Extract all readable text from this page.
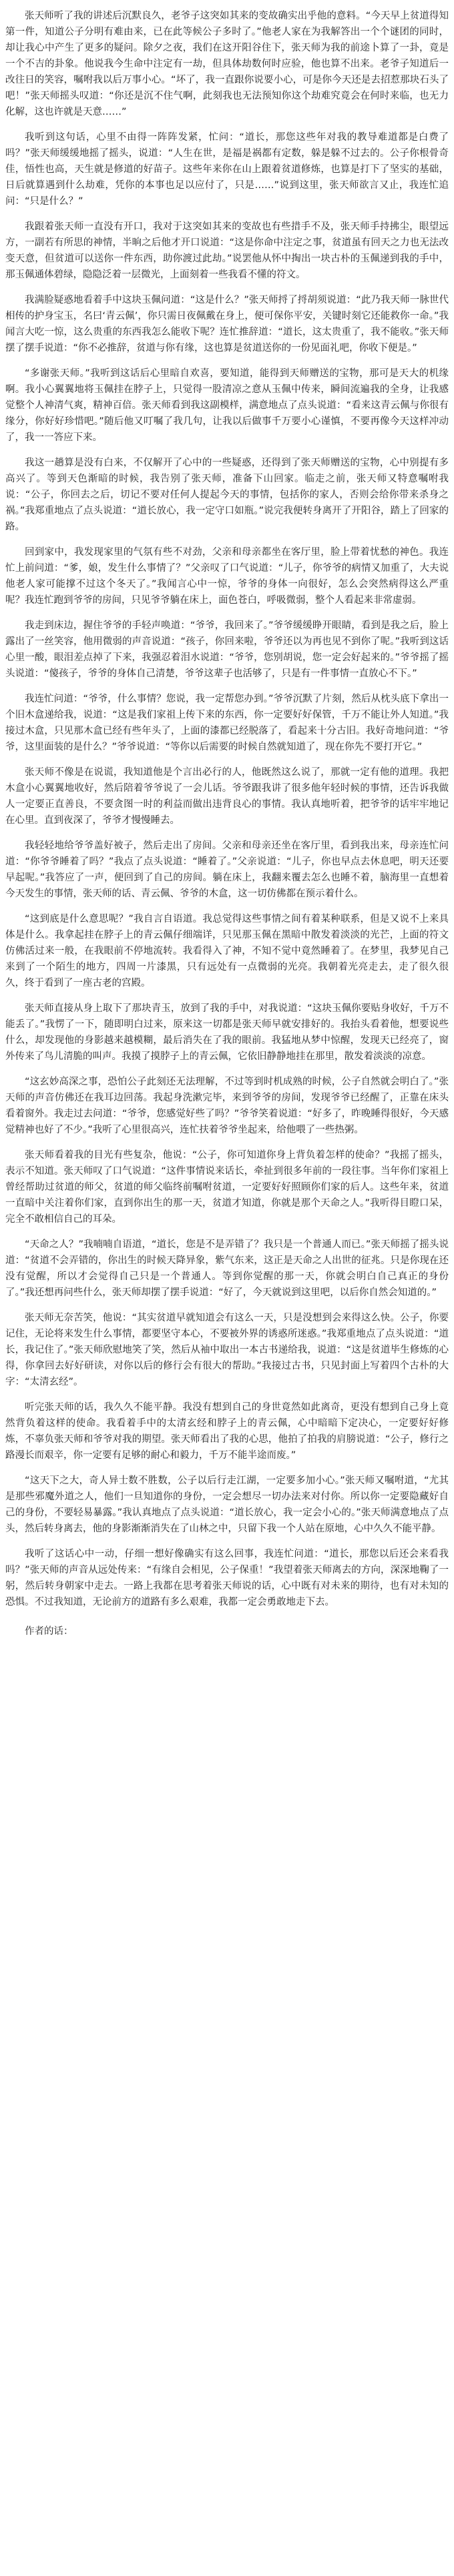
张天师听了我的讲述后沉默良久，老爷子这突如其来的变故确实出乎他的意料。“今天早上贫道得知第一件，知道公子分明有难由来，已在此等候公子多时了。”他老人家在为我解答出一个个谜团的同时，却让我心中产生了更多的疑问。除夕之夜，我们在这开阳谷住下，张天师为我的前途卜算了一卦，竟是一个不吉的卦象。他说我今生命中注定有一劫，但具体劫数何时应验，他也算不出来。老爷子知道后一改往日的笑容，嘱咐我以后万事小心。“坏了，我一直跟你说要小心，可是你今天还是去招惹那块石头了吧！”张天师摇头叹道：“你还是沉不住气啊，此刻我也无法预知你这个劫难究竟会在何时来临，也无力化解，这也许就是天意……”

我听到这句话，心里不由得一阵阵发紧，忙问：“道长，那您这些年对我的教导难道都是白费了吗？”张天师缓缓地摇了摇头，说道：“人生在世，是福是祸都有定数，躲是躲不过去的。公子你根骨奇佳，悟性也高，天生就是修道的好苗子。这些年来你在山上跟着贫道修炼，也算是打下了坚实的基础，日后就算遇到什么劫难，凭你的本事也足以应付了，只是……”说到这里，张天师欲言又止，我连忙追问：“只是什么？”

我跟着张天师一直没有开口，我对于这突如其来的变故也有些措手不及，张天师手持拂尘，眼望远方，一副若有所思的神情，半晌之后他才开口说道：“这是你命中注定之事，贫道虽有回天之力也无法改变天意，但贫道可以送你一件东西，助你渡过此劫。”说罢他从怀中掏出一块古朴的玉佩递到我的手中，那玉佩通体碧绿，隐隐泛着一层微光，上面刻着一些我看不懂的符文。

我满脸疑惑地看着手中这块玉佩问道：“这是什么？”张天师捋了捋胡须说道：“此乃我天师一脉世代相传的护身宝玉，名曰‘青云佩’，你只需日夜佩戴在身上，便可保你平安，关键时刻它还能救你一命。”我闻言大吃一惊，这么贵重的东西我怎么能收下呢？连忙推辞道：“道长，这太贵重了，我不能收。”张天师摆了摆手说道：“你不必推辞，贫道与你有缘，这也算是贫道送你的一份见面礼吧，你收下便是。”

“多谢张天师。”我听到这话后心里暗自欢喜，要知道，能得到天师赠送的宝物，那可是天大的机缘啊。我小心翼翼地将玉佩挂在脖子上，只觉得一股清凉之意从玉佩中传来，瞬间流遍我的全身，让我感觉整个人神清气爽，精神百倍。张天师看到我这副模样，满意地点了点头说道：“看来这青云佩与你很有缘分，你好好珍惜吧。”随后他又叮嘱了我几句，让我以后做事千万要小心谨慎，不要再像今天这样冲动了，我一一答应下来。

我这一趟算是没有白来，不仅解开了心中的一些疑惑，还得到了张天师赠送的宝物，心中别提有多高兴了。等到天色渐暗的时候，我告别了张天师，准备下山回家。临走之前，张天师又特意嘱咐我说：“公子，你回去之后，切记不要对任何人提起今天的事情，包括你的家人，否则会给你带来杀身之祸。”我郑重地点了点头说道：“道长放心，我一定守口如瓶。”说完我便转身离开了开阳谷，踏上了回家的路。

回到家中，我发现家里的气氛有些不对劲，父亲和母亲都坐在客厅里，脸上带着忧愁的神色。我连忙上前问道：“爹，娘，发生什么事情了？”父亲叹了口气说道：“儿子，你爷爷的病情又加重了，大夫说他老人家可能撑不过这个冬天了。”我闻言心中一惊，爷爷的身体一向很好，怎么会突然病得这么严重呢？我连忙跑到爷爷的房间，只见爷爷躺在床上，面色苍白，呼吸微弱，整个人看起来非常虚弱。

我走到床边，握住爷爷的手轻声唤道：“爷爷，我回来了。”爷爷缓缓睁开眼睛，看到是我之后，脸上露出了一丝笑容，他用微弱的声音说道：“孩子，你回来啦，爷爷还以为再也见不到你了呢。”我听到这话心里一酸，眼泪差点掉了下来，我强忍着泪水说道：“爷爷，您别胡说，您一定会好起来的。”爷爷摇了摇头说道：“傻孩子，爷爷的身体自己清楚，爷爷这辈子也活够了，只是有一件事情一直放心不下。”

我连忙问道：“爷爷，什么事情？您说，我一定帮您办到。”爷爷沉默了片刻，然后从枕头底下拿出一个旧木盒递给我，说道：“这是我们家祖上传下来的东西，你一定要好好保管，千万不能让外人知道。”我接过木盒，只见那木盒已经有些年头了，上面的漆都已经脱落了，看起来十分古旧。我好奇地问道：“爷爷，这里面装的是什么？”爷爷说道：“等你以后需要的时候自然就知道了，现在你先不要打开它。”

张天师不像是在说谎，我知道他是个言出必行的人，他既然这么说了，那就一定有他的道理。我把木盒小心翼翼地收好，然后陪着爷爷说了一会儿话。爷爷跟我讲了很多他年轻时候的事情，还告诉我做人一定要正直善良，不要贪图一时的利益而做出违背良心的事情。我认真地听着，把爷爷的话牢牢地记在心里。直到夜深了，爷爷才慢慢睡去。

我轻轻地给爷爷盖好被子，然后走出了房间。父亲和母亲还坐在客厅里，看到我出来，母亲连忙问道：“你爷爷睡着了吗？”我点了点头说道：“睡着了。”父亲说道：“儿子，你也早点去休息吧，明天还要早起呢。”我答应了一声，便回到了自己的房间。躺在床上，我翻来覆去怎么也睡不着，脑海里一直想着今天发生的事情，张天师的话、青云佩、爷爷的木盒，这一切仿佛都在预示着什么。

“这到底是什么意思呢？”我自言自语道。我总觉得这些事情之间有着某种联系，但是又说不上来具体是什么。我拿起挂在脖子上的青云佩仔细端详，只见那玉佩在黑暗中散发着淡淡的光芒，上面的符文仿佛活过来一般，在我眼前不停地流转。我看得入了神，不知不觉中竟然睡着了。在梦里，我梦见自己来到了一个陌生的地方，四周一片漆黑，只有远处有一点微弱的光亮。我朝着光亮走去，走了很久很久，终于看到了一座古老的宫殿。

张天师直接从身上取下了那块青玉，放到了我的手中，对我说道：“这块玉佩你要贴身收好，千万不能丢了。”我愣了一下，随即明白过来，原来这一切都是张天师早就安排好的。我抬头看着他，想要说些什么，却发现他的身影越来越模糊，最后消失在了我的眼前。我猛地从梦中惊醒，发现天已经亮了，窗外传来了鸟儿清脆的叫声。我摸了摸脖子上的青云佩，它依旧静静地挂在那里，散发着淡淡的凉意。

“这玄妙高深之事，恐怕公子此刻还无法理解，不过等到时机成熟的时候，公子自然就会明白了。”张天师的声音仿佛还在我耳边回荡。我起身洗漱完毕，来到爷爷的房间，发现爷爷已经醒了，正靠在床头看着窗外。我走过去问道：“爷爷，您感觉好些了吗？”爷爷笑着说道：“好多了，昨晚睡得很好，今天感觉精神也好了不少。”我听了心里很高兴，连忙扶着爷爷坐起来，给他喂了一些热粥。

张天师看着我的目光有些复杂，他说：“公子，你可知道你身上背负着怎样的使命？”我摇了摇头，表示不知道。张天师叹了口气说道：“这件事情说来话长，牵扯到很多年前的一段往事。当年你们家祖上曾经帮助过贫道的师父，贫道的师父临终前嘱咐贫道，一定要好好照顾你们家的后人。这些年来，贫道一直暗中关注着你们家，直到你出生的那一天，贫道才知道，你就是那个天命之人。”我听得目瞪口呆，完全不敢相信自己的耳朵。

“天命之人？”我喃喃自语道，“道长，您是不是弄错了？我只是一个普通人而已。”张天师摇了摇头说道：“贫道不会弄错的，你出生的时候天降异象，紫气东来，这正是天命之人出世的征兆。只是你现在还没有觉醒，所以才会觉得自己只是一个普通人。等到你觉醒的那一天，你就会明白自己真正的身份了。”我还想再问些什么，张天师却摆了摆手说道：“好了，今天就说到这里吧，以后你自然会知道的。”

张天师无奈苦笑，他说：“其实贫道早就知道会有这么一天，只是没想到会来得这么快。公子，你要记住，无论将来发生什么事情，都要坚守本心，不要被外界的诱惑所迷惑。”我郑重地点了点头说道：“道长，我记住了。”张天师欣慰地笑了笑，然后从袖中取出一本古书递给我，说道：“这是贫道毕生修炼的心得，你拿回去好好研读，对你以后的修行会有很大的帮助。”我接过古书，只见封面上写着四个古朴的大字：“太清玄经”。

听完张天师的话，我久久不能平静。我没有想到自己的身世竟然如此离奇，更没有想到自己身上竟然背负着这样的使命。我看着手中的太清玄经和脖子上的青云佩，心中暗暗下定决心，一定要好好修炼，不辜负张天师和爷爷对我的期望。张天师看出了我的心思，他拍了拍我的肩膀说道：“公子，修行之路漫长而艰辛，你一定要有足够的耐心和毅力，千万不能半途而废。”

“这天下之大，奇人异士数不胜数，公子以后行走江湖，一定要多加小心。”张天师又嘱咐道，“尤其是那些邪魔外道之人，他们一旦知道你的身份，一定会想尽一切办法来对付你。所以你一定要隐藏好自己的身份，不要轻易暴露。”我认真地点了点头说道：“道长放心，我一定会小心的。”张天师满意地点了点头，然后转身离去，他的身影渐渐消失在了山林之中，只留下我一个人站在原地，心中久久不能平静。

我听了这话心中一动，仔细一想好像确实有这么回事，我连忙问道：“道长，那您以后还会来看我吗？”张天师的声音从远处传来：“有缘自会相见，公子保重！”我望着张天师离去的方向，深深地鞠了一躬，然后转身朝家中走去。一路上我都在思考着张天师说的话，心中既有对未来的期待，也有对未知的恐惧。不过我知道，无论前方的道路有多么艰难，我都一定会勇敢地走下去。

作者的话：
